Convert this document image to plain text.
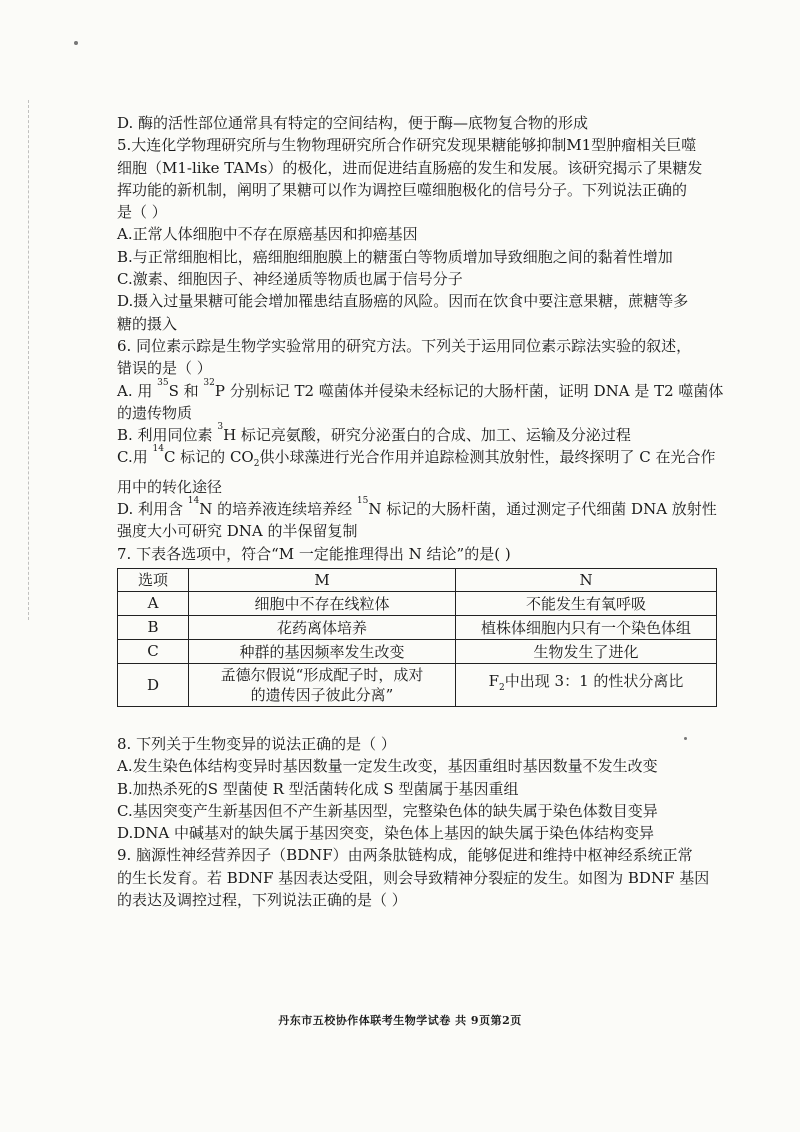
D. 酶的活性部位通常具有特定的空间结构，便于酶—底物复合物的形成
5.大连化学物理研究所与生物物理研究所合作研究发现果糖能够抑制M1型肿瘤相关巨噬
细胞（M1-like TAMs）的极化，进而促进结直肠癌的发生和发展。该研究揭示了果糖发
挥功能的新机制，阐明了果糖可以作为调控巨噬细胞极化的信号分子。下列说法正确的
是（ ）
A.正常人体细胞中不存在原癌基因和抑癌基因
B.与正常细胞相比，癌细胞细胞膜上的糖蛋白等物质增加导致细胞之间的黏着性增加
C.激素、细胞因子、神经递质等物质也属于信号分子
D.摄入过量果糖可能会增加罹患结直肠癌的风险。因而在饮食中要注意果糖，蔗糖等多
糖的摄入
6. 同位素示踪是生物学实验常用的研究方法。下列关于运用同位素示踪法实验的叙述，
错误的是（ ）
A. 用 $^{35}$S 和 $^{32}$P 分别标记 T2 噬菌体并侵染未经标记的大肠杆菌，证明 DNA 是 T2 噬菌体
的遗传物质
B. 利用同位素 $^3$H 标记亮氨酸，研究分泌蛋白的合成、加工、运输及分泌过程
C.用 $^{14}$C 标记的 $CO_2$供小球藻进行光合作用并追踪检测其放射性，最终探明了 C 在光合作
用中的转化途径
D. 利用含 $^{14}$N 的培养液连续培养经 $^{15}$N 标记的大肠杆菌，通过测定子代细菌 DNA 放射性
强度大小可研究 DNA 的半保留复制
7. 下表各选项中，符合“M 一定能推理得出 N 结论”的是( )
选项	M	N
A	细胞中不存在线粒体	不能发生有氧呼吸
B	花药离体培养	植株体细胞内只有一个染色体组
C	种群的基因频率发生改变	生物发生了进化
D	孟德尔假说“形成配子时，成对
的遗传因子彼此分离”	$F_2$中出现 3：1 的性状分离比
8. 下列关于生物变异的说法正确的是（ ）
A.发生染色体结构变异时基因数量一定发生改变，基因重组时基因数量不发生改变
B.加热杀死的S 型菌使 R 型活菌转化成 S 型菌属于基因重组
C.基因突变产生新基因但不产生新基因型，完整染色体的缺失属于染色体数目变异
D.DNA 中碱基对的缺失属于基因突变，染色体上基因的缺失属于染色体结构变异
9. 脑源性神经营养因子（BDNF）由两条肽链构成，能够促进和维持中枢神经系统正常
的生长发育。若 BDNF 基因表达受阻，则会导致精神分裂症的发生。如图为 BDNF 基因
的表达及调控过程，下列说法正确的是（ ）
丹东市五校协作体联考生物学试卷 共 9页第2页
